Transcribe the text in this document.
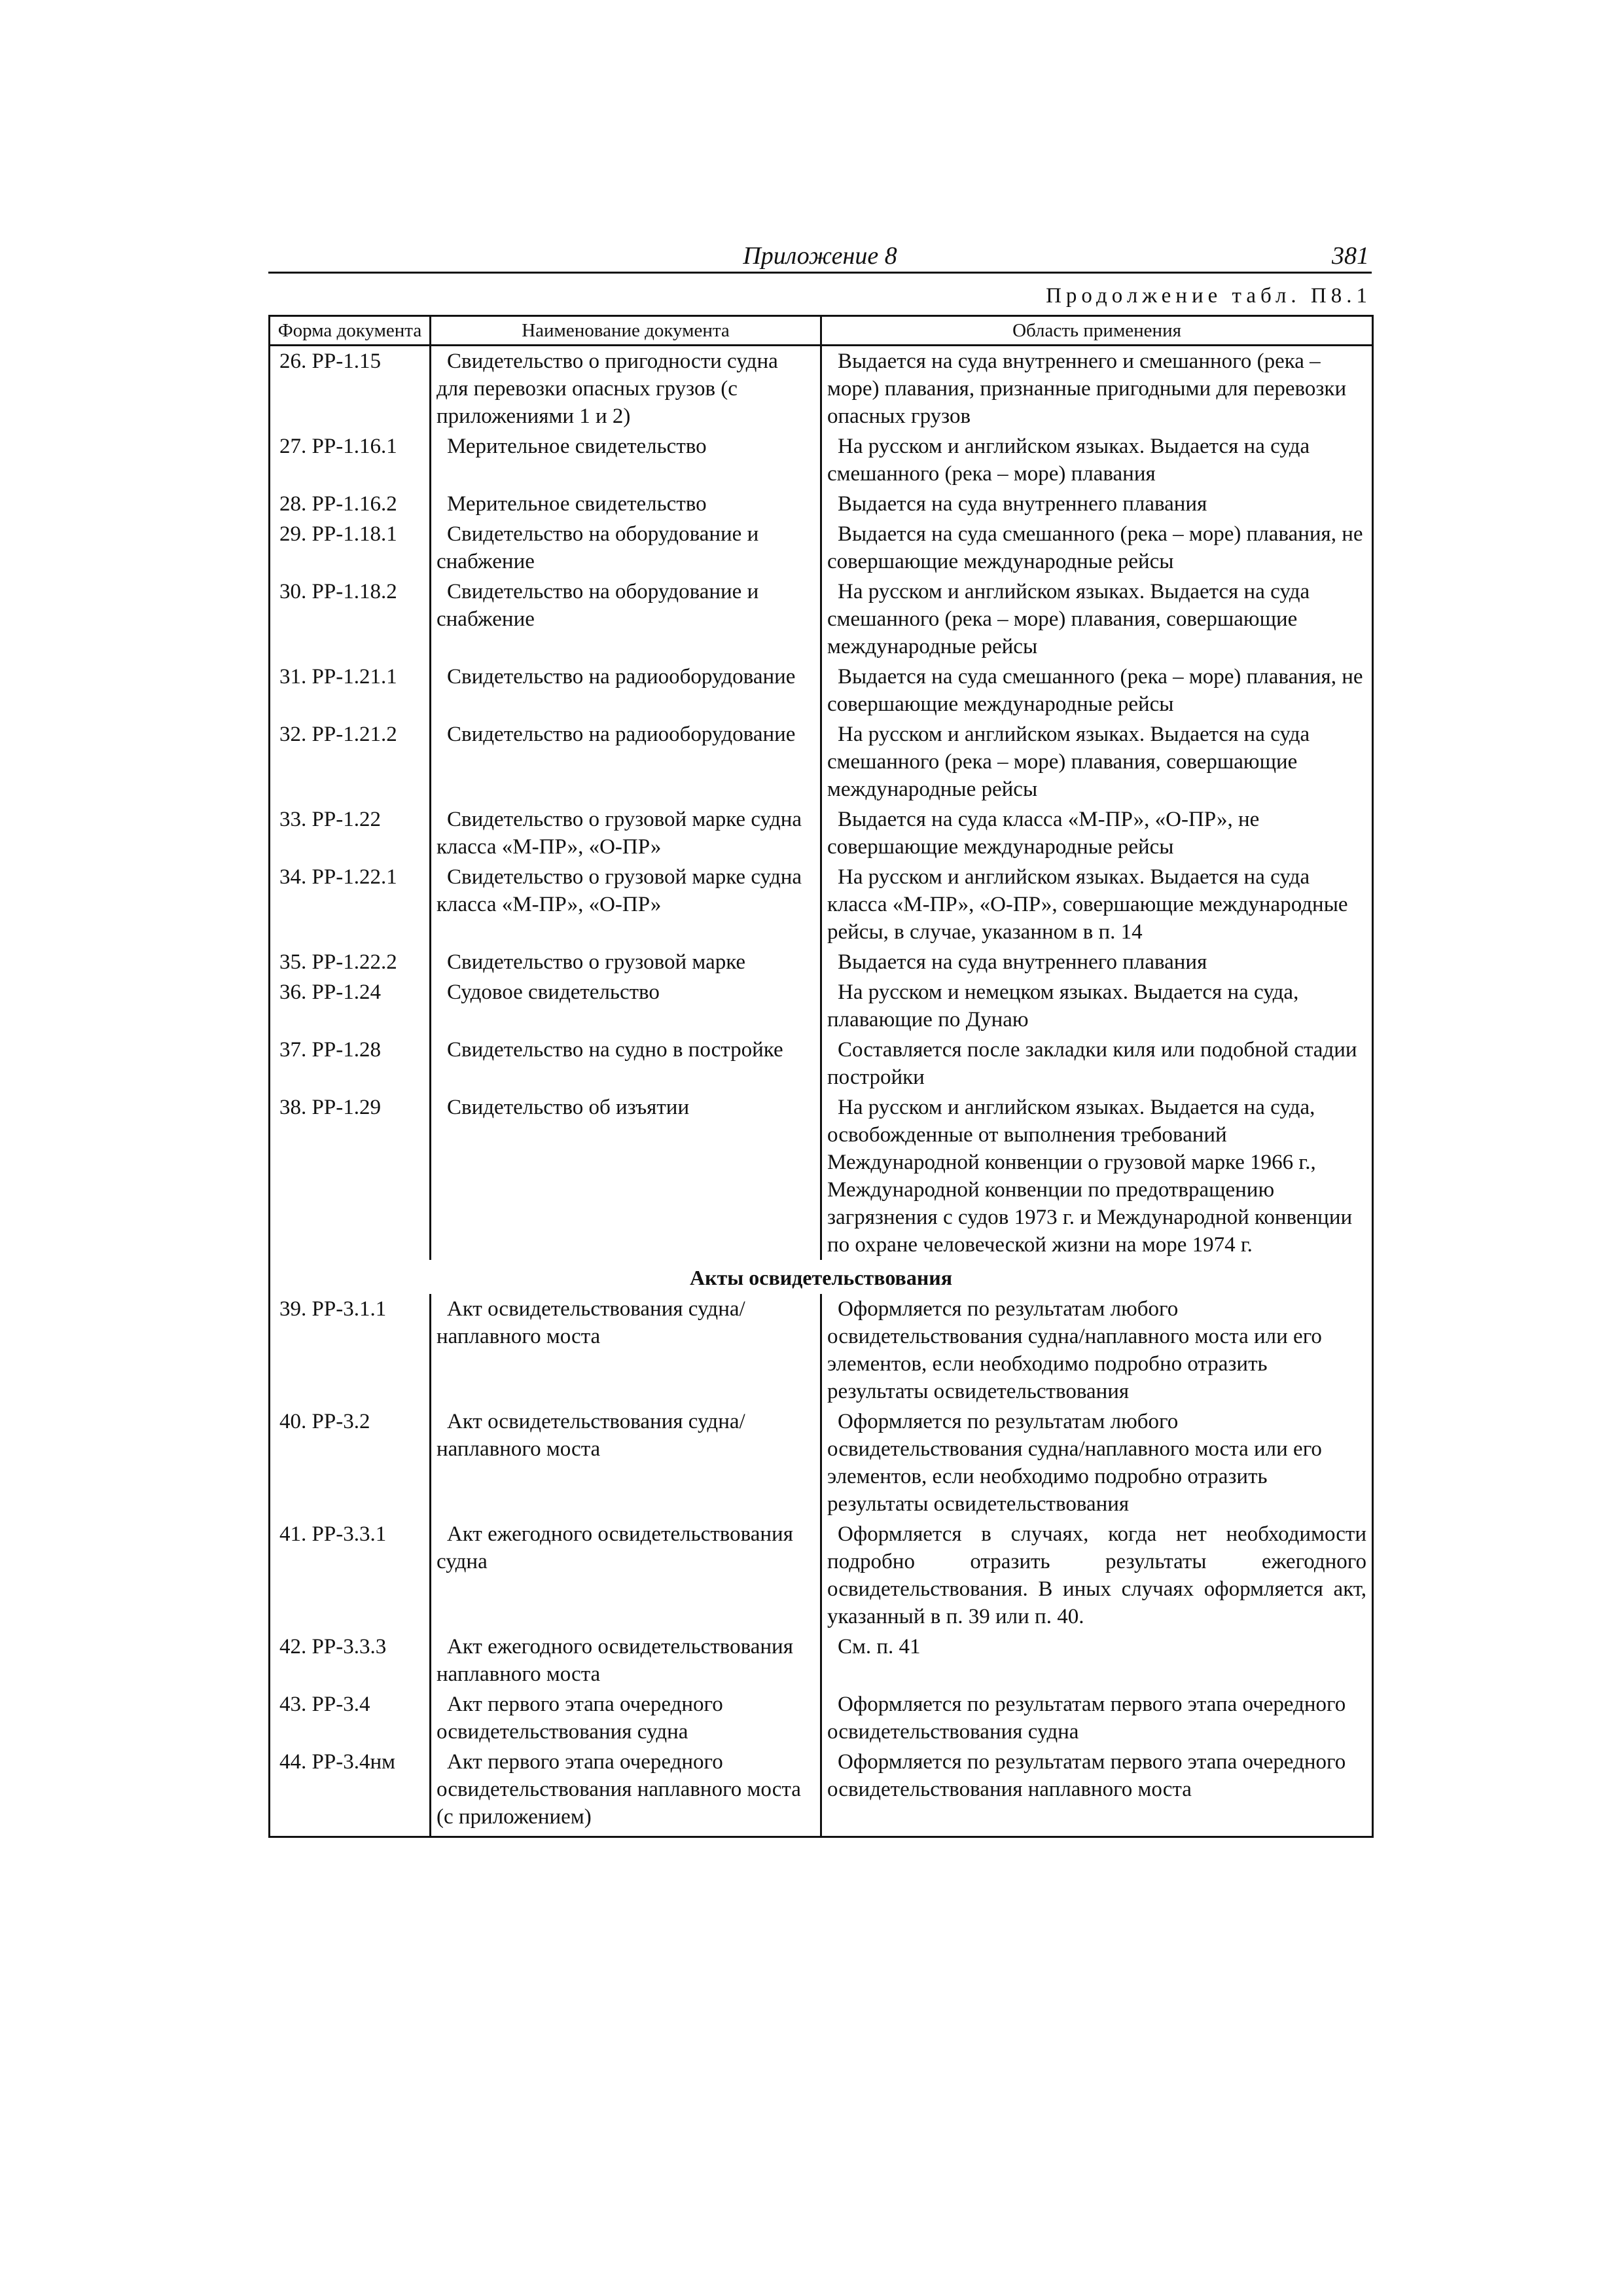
Приложение 8	381
Продолжение табл. П8.1
Форма документа	Наименование документа	Область применения
26. РР-1.15	Свидетельство о пригодности судна для перевозки опасных грузов (с приложениями 1 и 2)	Выдается на суда внутреннего и смешанного (река – море) плавания, признанные пригодными для перевозки опасных грузов
27. РР-1.16.1	Мерительное свидетельство	На русском и английском языках. Выдается на суда смешанного (река – море) плавания
28. РР-1.16.2	Мерительное свидетельство	Выдается на суда внутреннего плавания
29. РР-1.18.1	Свидетельство на оборудование и снабжение	Выдается на суда смешанного (река – море) плавания, не совершающие международные рейсы
30. РР-1.18.2	Свидетельство на оборудование и снабжение	На русском и английском языках. Выдается на суда смешанного (река – море) плавания, совершающие международные рейсы
31. РР-1.21.1	Свидетельство на радиооборудование	Выдается на суда смешанного (река – море) плавания, не совершающие международные рейсы
32. РР-1.21.2	Свидетельство на радиооборудование	На русском и английском языках. Выдается на суда смешанного (река – море) плавания, совершающие международные рейсы
33. РР-1.22	Свидетельство о грузовой марке судна класса «М-ПР», «О-ПР»	Выдается на суда класса «М-ПР», «О-ПР», не совершающие международные рейсы
34. РР-1.22.1	Свидетельство о грузовой марке судна класса «М-ПР», «О-ПР»	На русском и английском языках. Выдается на суда класса «М-ПР», «О-ПР», совершающие международные рейсы, в случае, указанном в п. 14
35. РР-1.22.2	Свидетельство о грузовой марке	Выдается на суда внутреннего плавания
36. РР-1.24	Судовое свидетельство	На русском и немецком языках. Выдается на суда, плавающие по Дунаю
37. РР-1.28	Свидетельство на судно в постройке	Составляется после закладки киля или подобной стадии постройки
38. РР-1.29	Свидетельство об изъятии	На русском и английском языках. Выдается на суда, освобожденные от выполнения требований Международной конвенции о грузовой марке 1966 г., Международной конвенции по предотвращению загрязнения с судов 1973 г. и Международной конвенции по охране человеческой жизни на море 1974 г.
Акты освидетельствования		
39. РР-3.1.1	Акт освидетельствования судна/наплавного моста	Оформляется по результатам любого освидетельствования судна/наплавного моста или его элементов, если необходимо подробно отразить результаты освидетельствования
40. РР-3.2	Акт освидетельствования судна/наплавного моста	Оформляется по результатам любого освидетельствования судна/наплавного моста или его элементов, если необходимо подробно отразить результаты освидетельствования
41. РР-3.3.1	Акт ежегодного освидетельствования судна	Оформляется в случаях, когда нет необходимости подробно отразить результаты ежегодного освидетельствования. В иных случаях оформляется акт, указанный в п. 39 или п. 40.
42. РР-3.3.3	Акт ежегодного освидетельствования наплавного моста	См. п. 41
43. РР-3.4	Акт первого этапа очередного освидетельствования судна	Оформляется по результатам первого этапа очередного освидетельствования судна
44. РР-3.4нм	Акт первого этапа очередного освидетельствования наплавного моста (с приложением)	Оформляется по результатам первого этапа очередного освидетельствования наплавного моста
